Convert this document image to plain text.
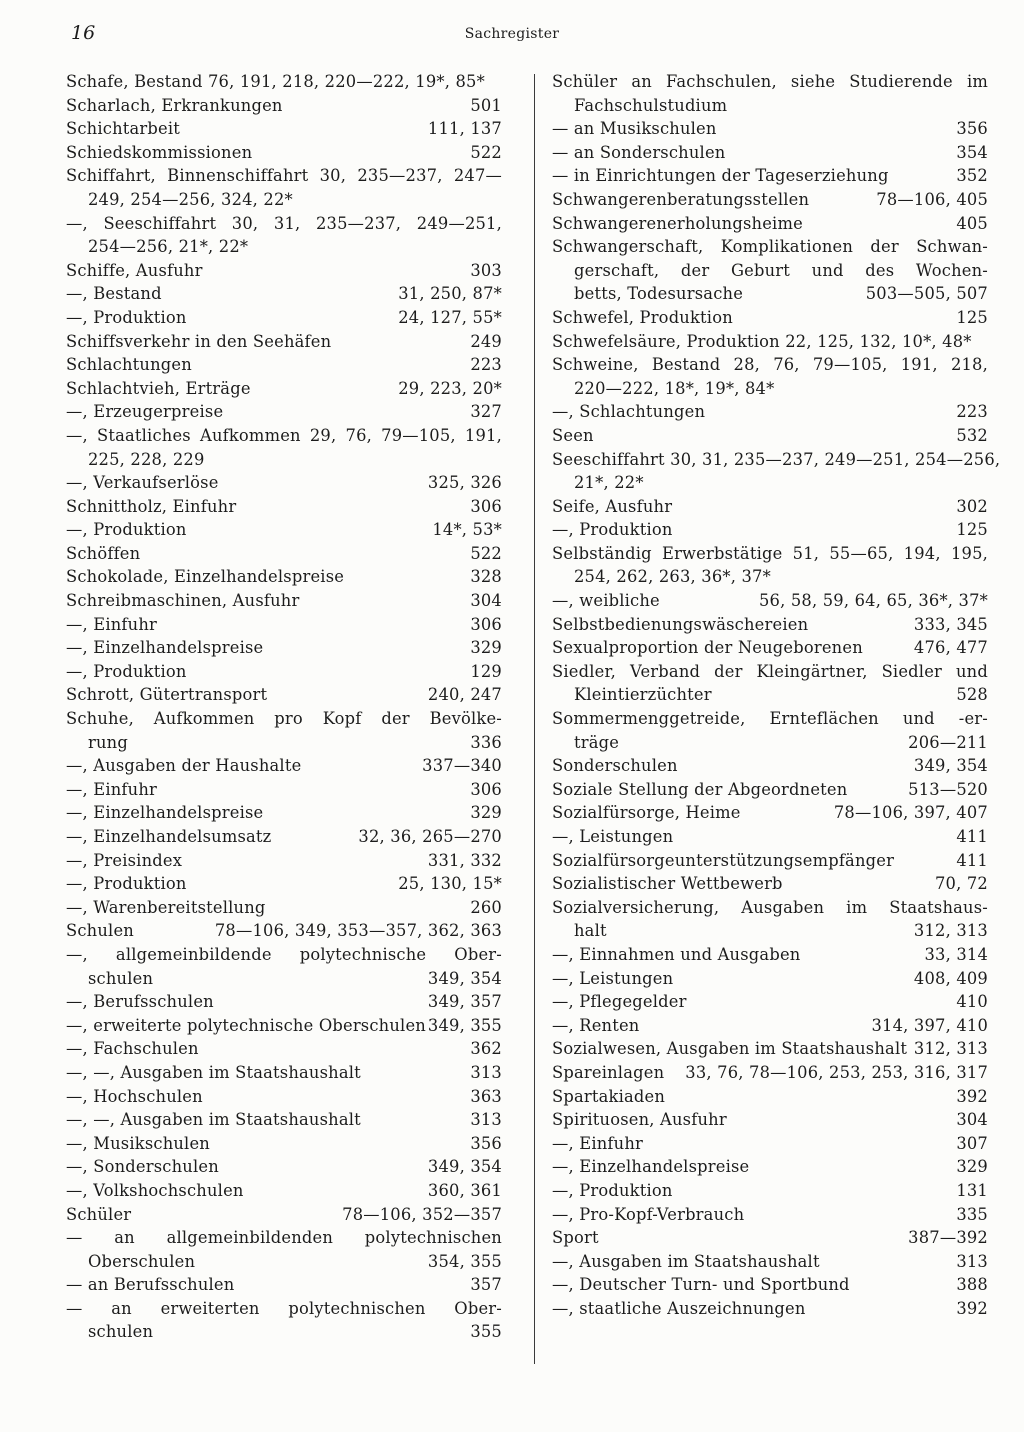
16	Sachregister
Schafe, Bestand 76, 191, 218, 220—222, 19*, 85*
Scharlach, Erkrankungen	501
Schichtarbeit	111, 137
Schiedskommissionen	522
Schiffahrt, Binnenschiffahrt 30, 235—237, 247—
249, 254—256, 324, 22*
—, Seeschiffahrt 30, 31, 235—237, 249—251,
254—256, 21*, 22*
Schiffe, Ausfuhr	303
—, Bestand	31, 250, 87*
—, Produktion	24, 127, 55*
Schiffsverkehr in den Seehäfen	249
Schlachtungen	223
Schlachtvieh, Erträge	29, 223, 20*
—, Erzeugerpreise	327
—, Staatliches Aufkommen 29, 76, 79—105, 191,
225, 228, 229
—, Verkaufserlöse	325, 326
Schnittholz, Einfuhr	306
—, Produktion	14*, 53*
Schöffen	522
Schokolade, Einzelhandelspreise	328
Schreibmaschinen, Ausfuhr	304
—, Einfuhr	306
—, Einzelhandelspreise	329
—, Produktion	129
Schrott, Gütertransport	240, 247
Schuhe, Aufkommen pro Kopf der Bevölke-
rung	336
—, Ausgaben der Haushalte	337—340
—, Einfuhr	306
—, Einzelhandelspreise	329
—, Einzelhandelsumsatz	32, 36, 265—270
—, Preisindex	331, 332
—, Produktion	25, 130, 15*
—, Warenbereitstellung	260
Schulen	78—106, 349, 353—357, 362, 363
—, allgemeinbildende polytechnische Ober-
schulen	349, 354
—, Berufsschulen	349, 357
—, erweiterte polytechnische Oberschulen 349, 355
—, Fachschulen	362
—, —, Ausgaben im Staatshaushalt	313
—, Hochschulen	363
—, —, Ausgaben im Staatshaushalt	313
—, Musikschulen	356
—, Sonderschulen	349, 354
—, Volkshochschulen	360, 361
Schüler	78—106, 352—357
— an allgemeinbildenden polytechnischen
Oberschulen	354, 355
— an Berufsschulen	357
— an erweiterten polytechnischen Ober-
schulen	355
Schüler an Fachschulen, siehe Studierende im
Fachschulstudium
— an Musikschulen	356
— an Sonderschulen	354
— in Einrichtungen der Tageserziehung	352
Schwangerenberatungsstellen	78—106, 405
Schwangerenerholungsheime	405
Schwangerschaft, Komplikationen der Schwan-
gerschaft, der Geburt und des Wochen-
betts, Todesursache	503—505, 507
Schwefel, Produktion	125
Schwefelsäure, Produktion 22, 125, 132, 10*, 48*
Schweine, Bestand 28, 76, 79—105, 191, 218,
220—222, 18*, 19*, 84*
—, Schlachtungen	223
Seen	532
Seeschiffahrt 30, 31, 235—237, 249—251, 254—256,
21*, 22*
Seife, Ausfuhr	302
—, Produktion	125
Selbständig Erwerbstätige 51, 55—65, 194, 195,
254, 262, 263, 36*, 37*
—, weibliche	56, 58, 59, 64, 65, 36*, 37*
Selbstbedienungswäschereien	333, 345
Sexualproportion der Neugeborenen	476, 477
Siedler, Verband der Kleingärtner, Siedler und
Kleintierzüchter	528
Sommermenggetreide, Ernteflächen und -er-
träge	206—211
Sonderschulen	349, 354
Soziale Stellung der Abgeordneten	513—520
Sozialfürsorge, Heime	78—106, 397, 407
—, Leistungen	411
Sozialfürsorgeunterstützungsempfänger	411
Sozialistischer Wettbewerb	70, 72
Sozialversicherung, Ausgaben im Staatshaus-
halt	312, 313
—, Einnahmen und Ausgaben	33, 314
—, Leistungen	408, 409
—, Pflegegelder	410
—, Renten	314, 397, 410
Sozialwesen, Ausgaben im Staatshaushalt 312, 313
Spareinlagen 33, 76, 78—106, 253, 253, 316, 317
Spartakiaden	392
Spirituosen, Ausfuhr	304
—, Einfuhr	307
—, Einzelhandelspreise	329
—, Produktion	131
—, Pro-Kopf-Verbrauch	335
Sport	387—392
—, Ausgaben im Staatshaushalt	313
—, Deutscher Turn- und Sportbund	388
—, staatliche Auszeichnungen	392
